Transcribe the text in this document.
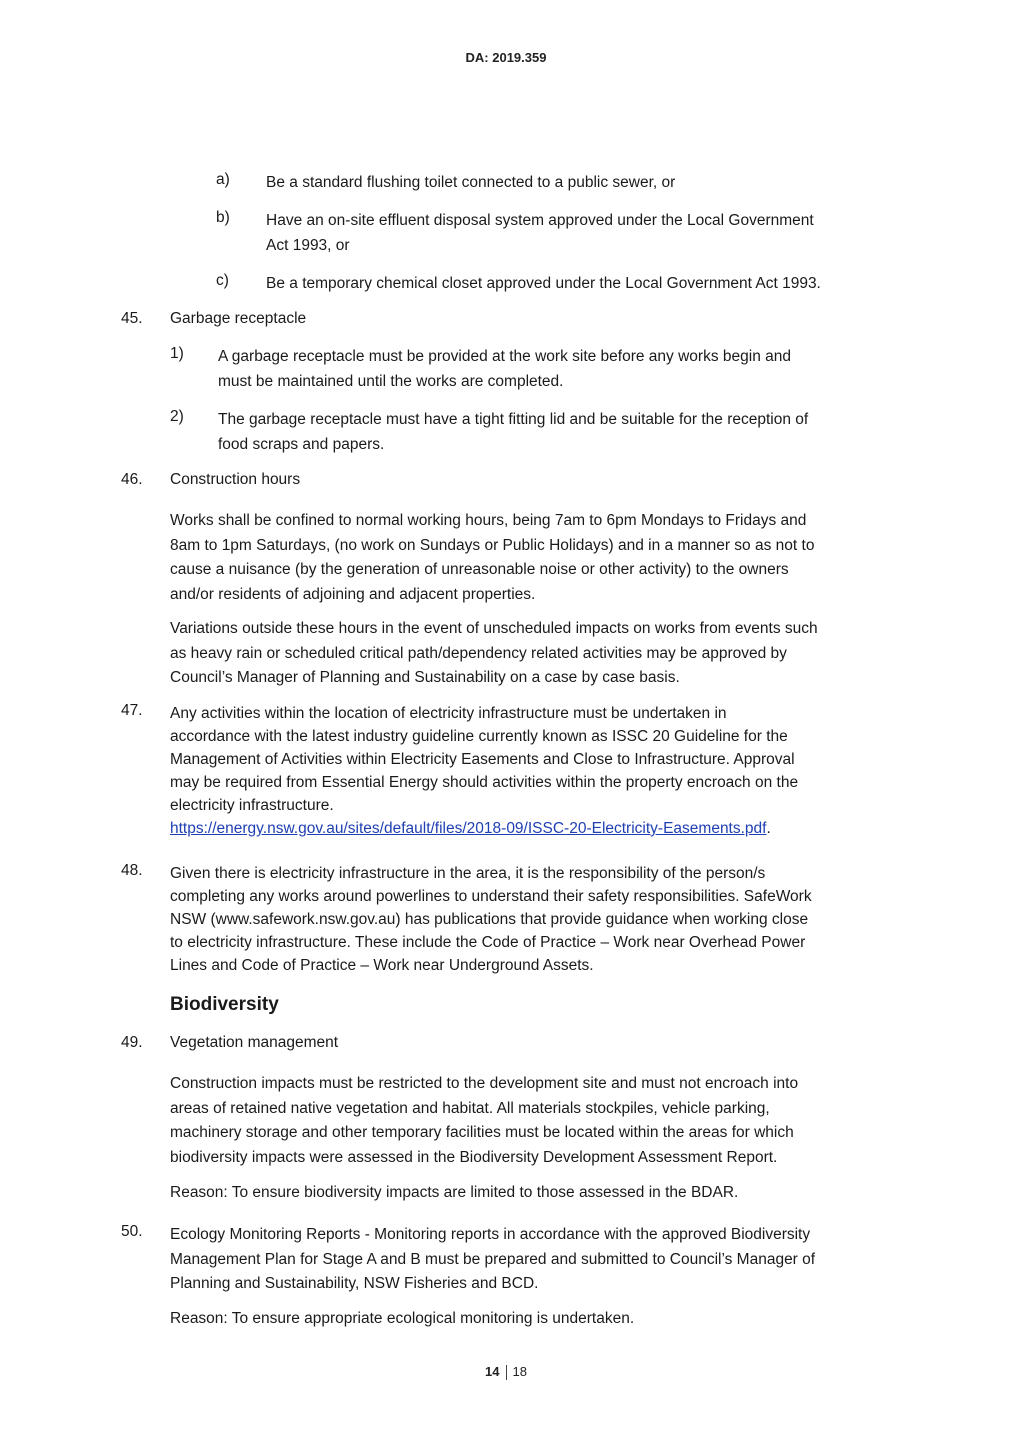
DA: 2019.359
a) Be a standard flushing toilet connected to a public sewer, or
b) Have an on-site effluent disposal system approved under the Local Government
Act 1993, or
c) Be a temporary chemical closet approved under the Local Government Act 1993.
45. Garbage receptacle
1) A garbage receptacle must be provided at the work site before any works begin and
must be maintained until the works are completed.
2) The garbage receptacle must have a tight fitting lid and be suitable for the reception of
food scraps and papers.
46. Construction hours
Works shall be confined to normal working hours, being 7am to 6pm Mondays to Fridays and
8am to 1pm Saturdays, (no work on Sundays or Public Holidays) and in a manner so as not to
cause a nuisance (by the generation of unreasonable noise or other activity) to the owners
and/or residents of adjoining and adjacent properties.
Variations outside these hours in the event of unscheduled impacts on works from events such
as heavy rain or scheduled critical path/dependency related activities may be approved by
Council’s Manager of Planning and Sustainability on a case by case basis.
47. Any activities within the location of electricity infrastructure must be undertaken in
accordance with the latest industry guideline currently known as ISSC 20 Guideline for the
Management of Activities within Electricity Easements and Close to Infrastructure. Approval
may be required from Essential Energy should activities within the property encroach on the
electricity infrastructure.
https://energy.nsw.gov.au/sites/default/files/2018-09/ISSC-20-Electricity-Easements.pdf.
48. Given there is electricity infrastructure in the area, it is the responsibility of the person/s
completing any works around powerlines to understand their safety responsibilities. SafeWork
NSW (www.safework.nsw.gov.au) has publications that provide guidance when working close
to electricity infrastructure. These include the Code of Practice – Work near Overhead Power
Lines and Code of Practice – Work near Underground Assets.
Biodiversity
49. Vegetation management
Construction impacts must be restricted to the development site and must not encroach into
areas of retained native vegetation and habitat. All materials stockpiles, vehicle parking,
machinery storage and other temporary facilities must be located within the areas for which
biodiversity impacts were assessed in the Biodiversity Development Assessment Report.
Reason: To ensure biodiversity impacts are limited to those assessed in the BDAR.
50. Ecology Monitoring Reports - Monitoring reports in accordance with the approved Biodiversity
Management Plan for Stage A and B must be prepared and submitted to Council’s Manager of
Planning and Sustainability, NSW Fisheries and BCD.
Reason: To ensure appropriate ecological monitoring is undertaken.
14 18
